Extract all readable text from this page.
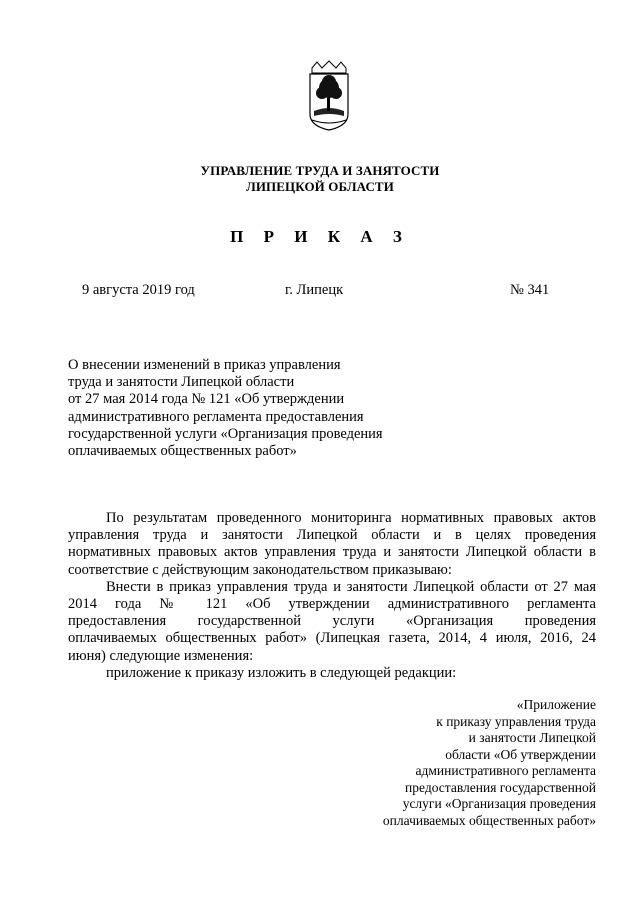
УПРАВЛЕНИЕ ТРУДА И ЗАНЯТОСТИ
ЛИПЕЦКОЙ ОБЛАСТИ
П Р И К А З
9 августа 2019 год	г. Липецк	№ 341
О внесении изменений в приказ управления
труда и занятости Липецкой области
от 27 мая 2014 года № 121 «Об утверждении
административного регламента предоставления
государственной услуги «Организация проведения
оплачиваемых общественных работ»
По результатам проведенного мониторинга нормативных правовых актов
управления труда и занятости Липецкой области и в целях проведения
нормативных правовых актов управления труда и занятости Липецкой области в
соответствие с действующим законодательством приказываю:
Внести в приказ управления труда и занятости Липецкой области от 27 мая
2014 года № 121 «Об утверждении административного регламента
предоставления государственной услуги «Организация проведения
оплачиваемых общественных работ» (Липецкая газета, 2014, 4 июля, 2016, 24
июня) следующие изменения:
приложение к приказу изложить в следующей редакции:
«Приложение
к приказу управления труда
и занятости Липецкой
области «Об утверждении
административного регламента
предоставления государственной
услуги «Организация проведения
оплачиваемых общественных работ»
